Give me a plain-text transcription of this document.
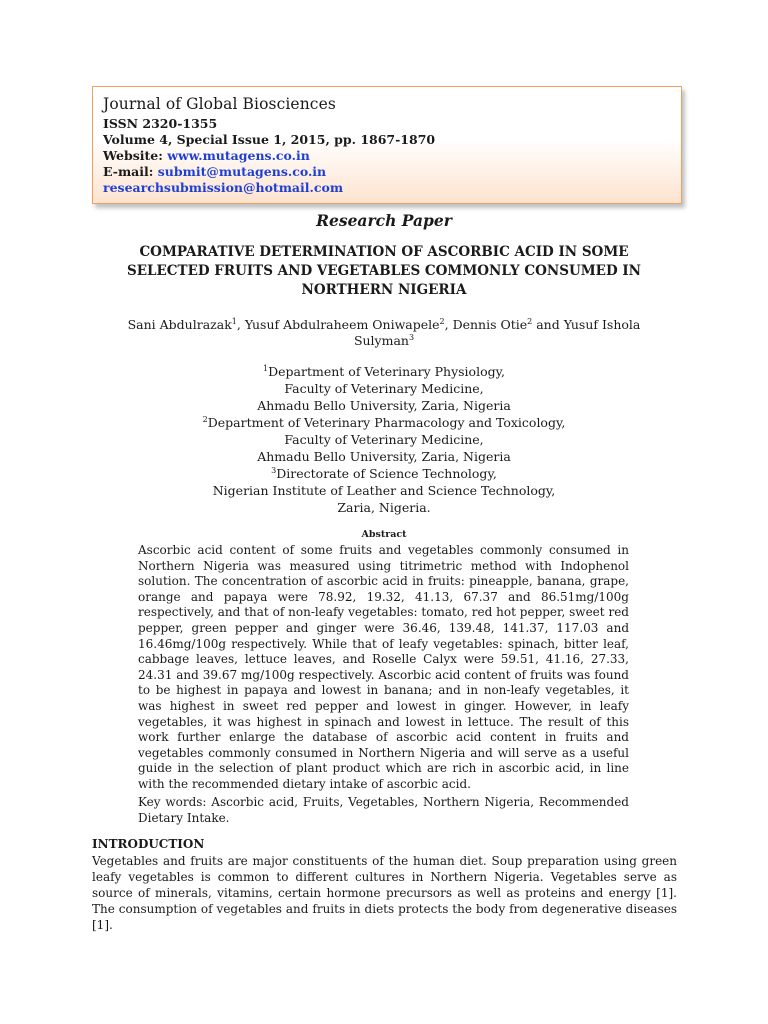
Journal of Global Biosciences
ISSN 2320-1355
Volume 4, Special Issue 1, 2015, pp. 1867-1870
Website: www.mutagens.co.in
E-mail: submit@mutagens.co.in
researchsubmission@hotmail.com
Research Paper
COMPARATIVE DETERMINATION OF ASCORBIC ACID IN SOME SELECTED FRUITS AND VEGETABLES COMMONLY CONSUMED IN NORTHERN NIGERIA
Sani Abdulrazak$^1$, Yusuf Abdulraheem Oniwapele$^2$, Dennis Otie$^2$ and Yusuf Ishola Sulyman$^3$
$^1$Department of Veterinary Physiology,
Faculty of Veterinary Medicine,
Ahmadu Bello University, Zaria, Nigeria
$^2$Department of Veterinary Pharmacology and Toxicology,
Faculty of Veterinary Medicine,
Ahmadu Bello University, Zaria, Nigeria
$^3$Directorate of Science Technology,
Nigerian Institute of Leather and Science Technology,
Zaria, Nigeria.
Abstract

Ascorbic acid content of some fruits and vegetables commonly consumed in Northern Nigeria was measured using titrimetric method with Indophenol solution. The concentration of ascorbic acid in fruits: pineapple, banana, grape, orange and papaya were 78.92, 19.32, 41.13, 67.37 and 86.51mg/100g respectively, and that of non-leafy vegetables: tomato, red hot pepper, sweet red pepper, green pepper and ginger were 36.46, 139.48, 141.37, 117.03 and 16.46mg/100g respectively. While that of leafy vegetables: spinach, bitter leaf, cabbage leaves, lettuce leaves, and Roselle Calyx were 59.51, 41.16, 27.33, 24.31 and 39.67 mg/100g respectively. Ascorbic acid content of fruits was found to be highest in papaya and lowest in banana; and in non-leafy vegetables, it was highest in sweet red pepper and lowest in ginger. However, in leafy vegetables, it was highest in spinach and lowest in lettuce. The result of this work further enlarge the database of ascorbic acid content in fruits and vegetables commonly consumed in Northern Nigeria and will serve as a useful guide in the selection of plant product which are rich in ascorbic acid, in line with the recommended dietary intake of ascorbic acid.

Key words: Ascorbic acid, Fruits, Vegetables, Northern Nigeria, Recommended Dietary Intake.

INTRODUCTION

Vegetables and fruits are major constituents of the human diet. Soup preparation using green leafy vegetables is common to different cultures in Northern Nigeria. Vegetables serve as source of minerals, vitamins, certain hormone precursors as well as proteins and energy [1]. The consumption of vegetables and fruits in diets protects the body from degenerative diseases [1].
